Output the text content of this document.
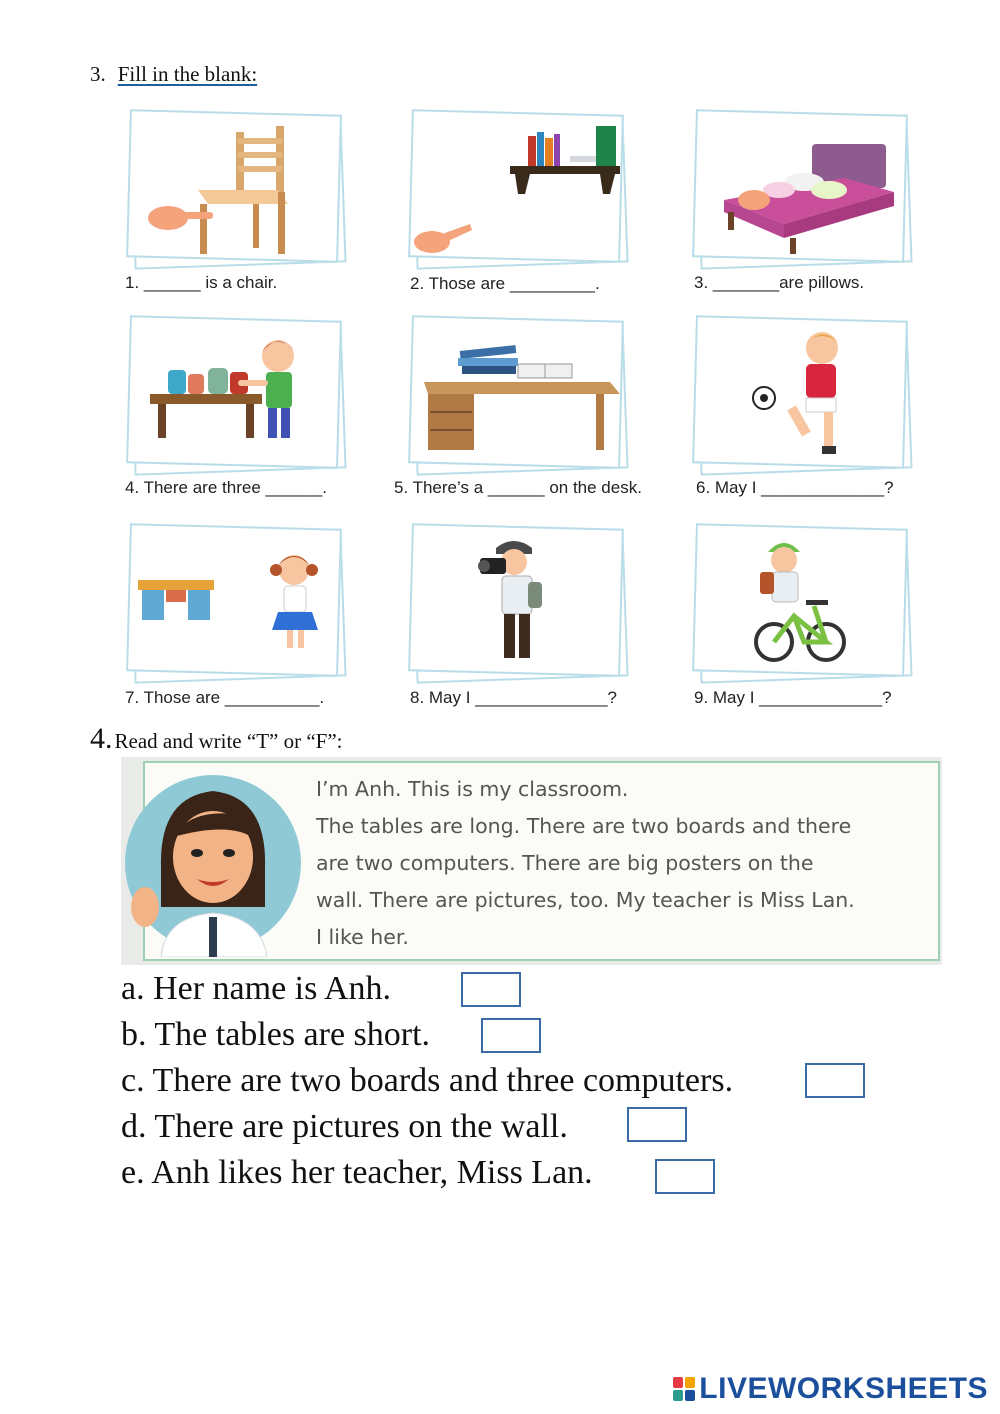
3. Fill in the blank:
1. ______ is a chair.	2. Those are _________.	3. _______are pillows.
4. There are three ______.	5. There’s a ______ on the desk.	6. May I _____________?
7. Those are __________.	8. May I ______________?	9. May I _____________?
4.Read and write “T” or “F”:
I’m Anh. This is my classroom.
The tables are long. There are two boards and there
are two computers. There are big posters on the
wall. There are pictures, too. My teacher is Miss Lan.
I like her.
a. Her name is Anh.
b. The tables are short.
c. There are two boards and three computers.
d. There are pictures on the wall.
e. Anh likes her teacher, Miss Lan.
LIVEWORKSHEETS
